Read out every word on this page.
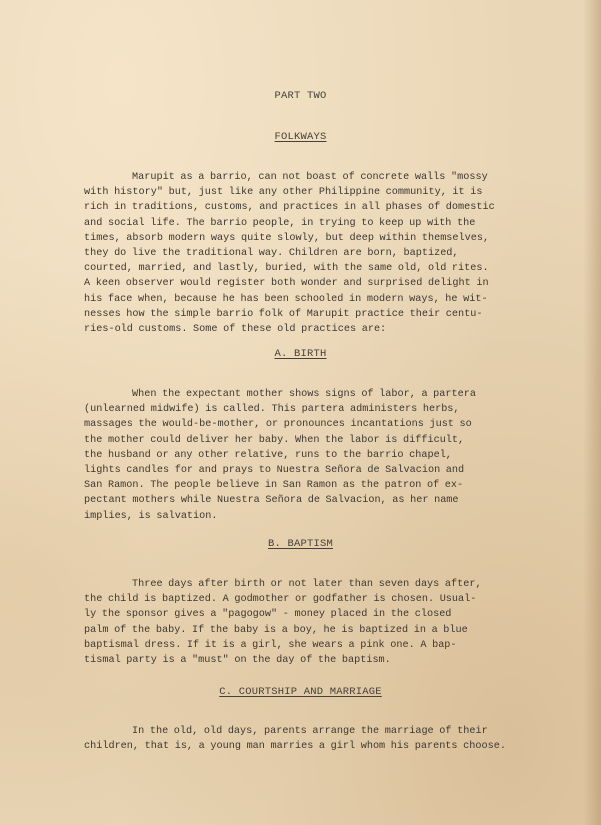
PART TWO
FOLKWAYS
Marupit as a barrio, can not boast of concrete walls "mossy
with history" but, just like any other Philippine community, it is
rich in traditions, customs, and practices in all phases of domestic
and social life. The barrio people, in trying to keep up with the
times, absorb modern ways quite slowly, but deep within themselves,
they do live the traditional way. Children are born, baptized,
courted, married, and lastly, buried, with the same old, old rites.
A keen observer would register both wonder and surprised delight in
his face when, because he has been schooled in modern ways, he wit-
nesses how the simple barrio folk of Marupit practice their centu-
ries-old customs. Some of these old practices are:
A. BIRTH
When the expectant mother shows signs of labor, a partera
(unlearned midwife) is called. This partera administers herbs,
massages the would-be-mother, or pronounces incantations just so
the mother could deliver her baby. When the labor is difficult,
the husband or any other relative, runs to the barrio chapel,
lights candles for and prays to Nuestra Señora de Salvacion and
San Ramon. The people believe in San Ramon as the patron of ex-
pectant mothers while Nuestra Señora de Salvacion, as her name
implies, is salvation.
B. BAPTISM
Three days after birth or not later than seven days after,
the child is baptized. A godmother or godfather is chosen. Usual-
ly the sponsor gives a "pagogow" - money placed in the closed
palm of the baby. If the baby is a boy, he is baptized in a blue
baptismal dress. If it is a girl, she wears a pink one. A bap-
tismal party is a "must" on the day of the baptism.
C. COURTSHIP AND MARRIAGE
In the old, old days, parents arrange the marriage of their
children, that is, a young man marries a girl whom his parents choose.
